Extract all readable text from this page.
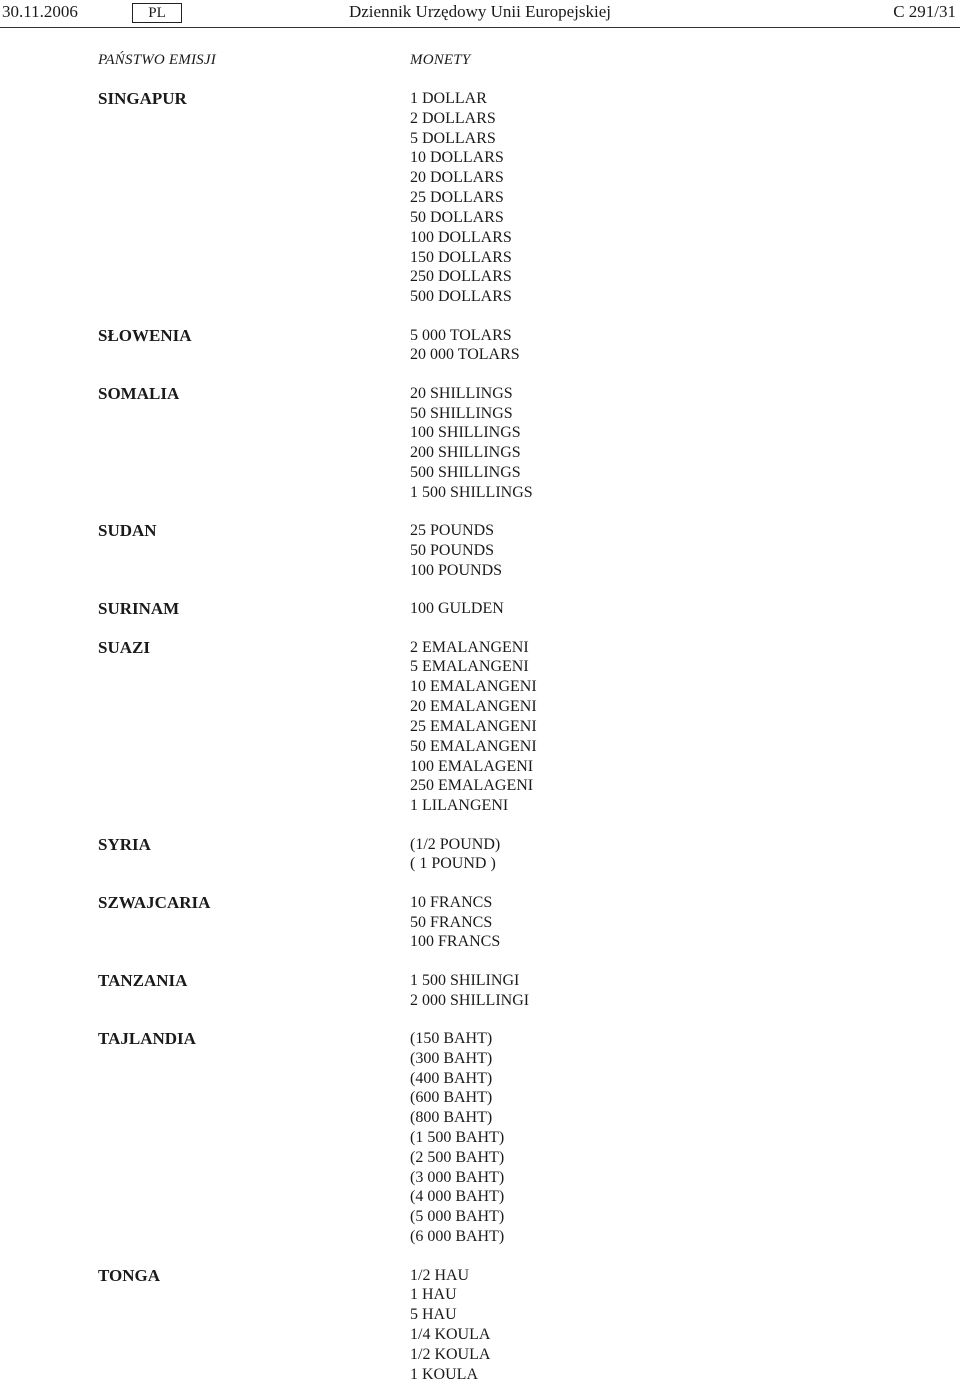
Dziennik Urzędowy Unii Europejskiej
30.11.2006	PL	C 291/31
PAŃSTWO EMISJI	MONETY
SINGAPUR	1 DOLLAR
2 DOLLARS
5 DOLLARS
10 DOLLARS
20 DOLLARS
25 DOLLARS
50 DOLLARS
100 DOLLARS
150 DOLLARS
250 DOLLARS
500 DOLLARS
SŁOWENIA	5 000 TOLARS
20 000 TOLARS
SOMALIA	20 SHILLINGS
50 SHILLINGS
100 SHILLINGS
200 SHILLINGS
500 SHILLINGS
1 500 SHILLINGS
SUDAN	25 POUNDS
50 POUNDS
100 POUNDS
SURINAM	100 GULDEN
SUAZI	2 EMALANGENI
5 EMALANGENI
10 EMALANGENI
20 EMALANGENI
25 EMALANGENI
50 EMALANGENI
100 EMALAGENI
250 EMALAGENI
1 LILANGENI
SYRIA	(1/2 POUND)
( 1 POUND )
SZWAJCARIA	10 FRANCS
50 FRANCS
100 FRANCS
TANZANIA	1 500 SHILINGI
2 000 SHILLINGI
TAJLANDIA	(150 BAHT)
(300 BAHT)
(400 BAHT)
(600 BAHT)
(800 BAHT)
(1 500 BAHT)
(2 500 BAHT)
(3 000 BAHT)
(4 000 BAHT)
(5 000 BAHT)
(6 000 BAHT)
TONGA	1/2 HAU
1 HAU
5 HAU
1/4 KOULA
1/2 KOULA
1 KOULA
